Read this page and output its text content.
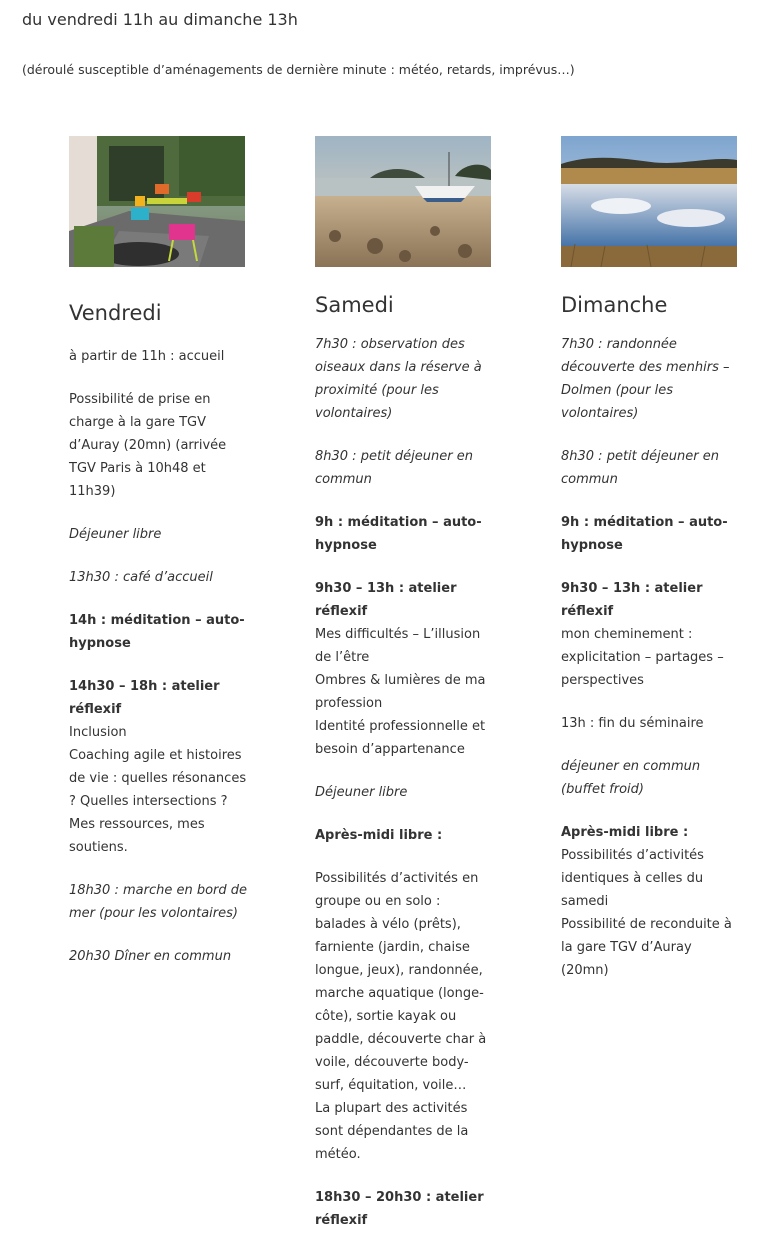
du vendredi 11h au dimanche 13h

(déroulé susceptible d’aménagements de dernière minute : météo, retards, imprévus…)

Vendredi

à partir de 11h : accueil

Possibilité de prise en charge à la gare TGV d’Auray (20mn) (arrivée TGV Paris à 10h48 et 11h39)

Déjeuner libre

13h30 : café d’accueil

14h : méditation – auto-hypnose

14h30 – 18h : atelier réflexif
Inclusion
Coaching agile et histoires de vie : quelles résonances ? Quelles intersections ?
Mes ressources, mes soutiens.

18h30 : marche en bord de mer (pour les volontaires)

20h30 Dîner en commun

Samedi

7h30 : observation des oiseaux dans la réserve à proximité (pour les volontaires)

8h30 : petit déjeuner en commun

9h : méditation – auto-hypnose

9h30 – 13h : atelier réflexif
Mes difficultés – L’illusion de l’être
Ombres & lumières de ma profession
Identité professionnelle et besoin d’appartenance

Déjeuner libre

Après-midi libre :

Possibilités d’activités en groupe ou en solo : balades à vélo (prêts), farniente (jardin, chaise longue, jeux), randonnée, marche aquatique (longe-côte), sortie kayak ou paddle, découverte char à voile, découverte body-surf, équitation, voile…
La plupart des activités sont dépendantes de la météo.

18h30 – 20h30 : atelier réflexif

Dimanche

7h30 : randonnée découverte des menhirs – Dolmen (pour les volontaires)

8h30 : petit déjeuner en commun

9h : méditation – auto-hypnose

9h30 – 13h : atelier réflexif
mon cheminement : explicitation – partages – perspectives

13h : fin du séminaire

déjeuner en commun (buffet froid)

Après-midi libre :
Possibilités d’activités identiques à celles du samedi
Possibilité de reconduite à la gare TGV d’Auray (20mn)
